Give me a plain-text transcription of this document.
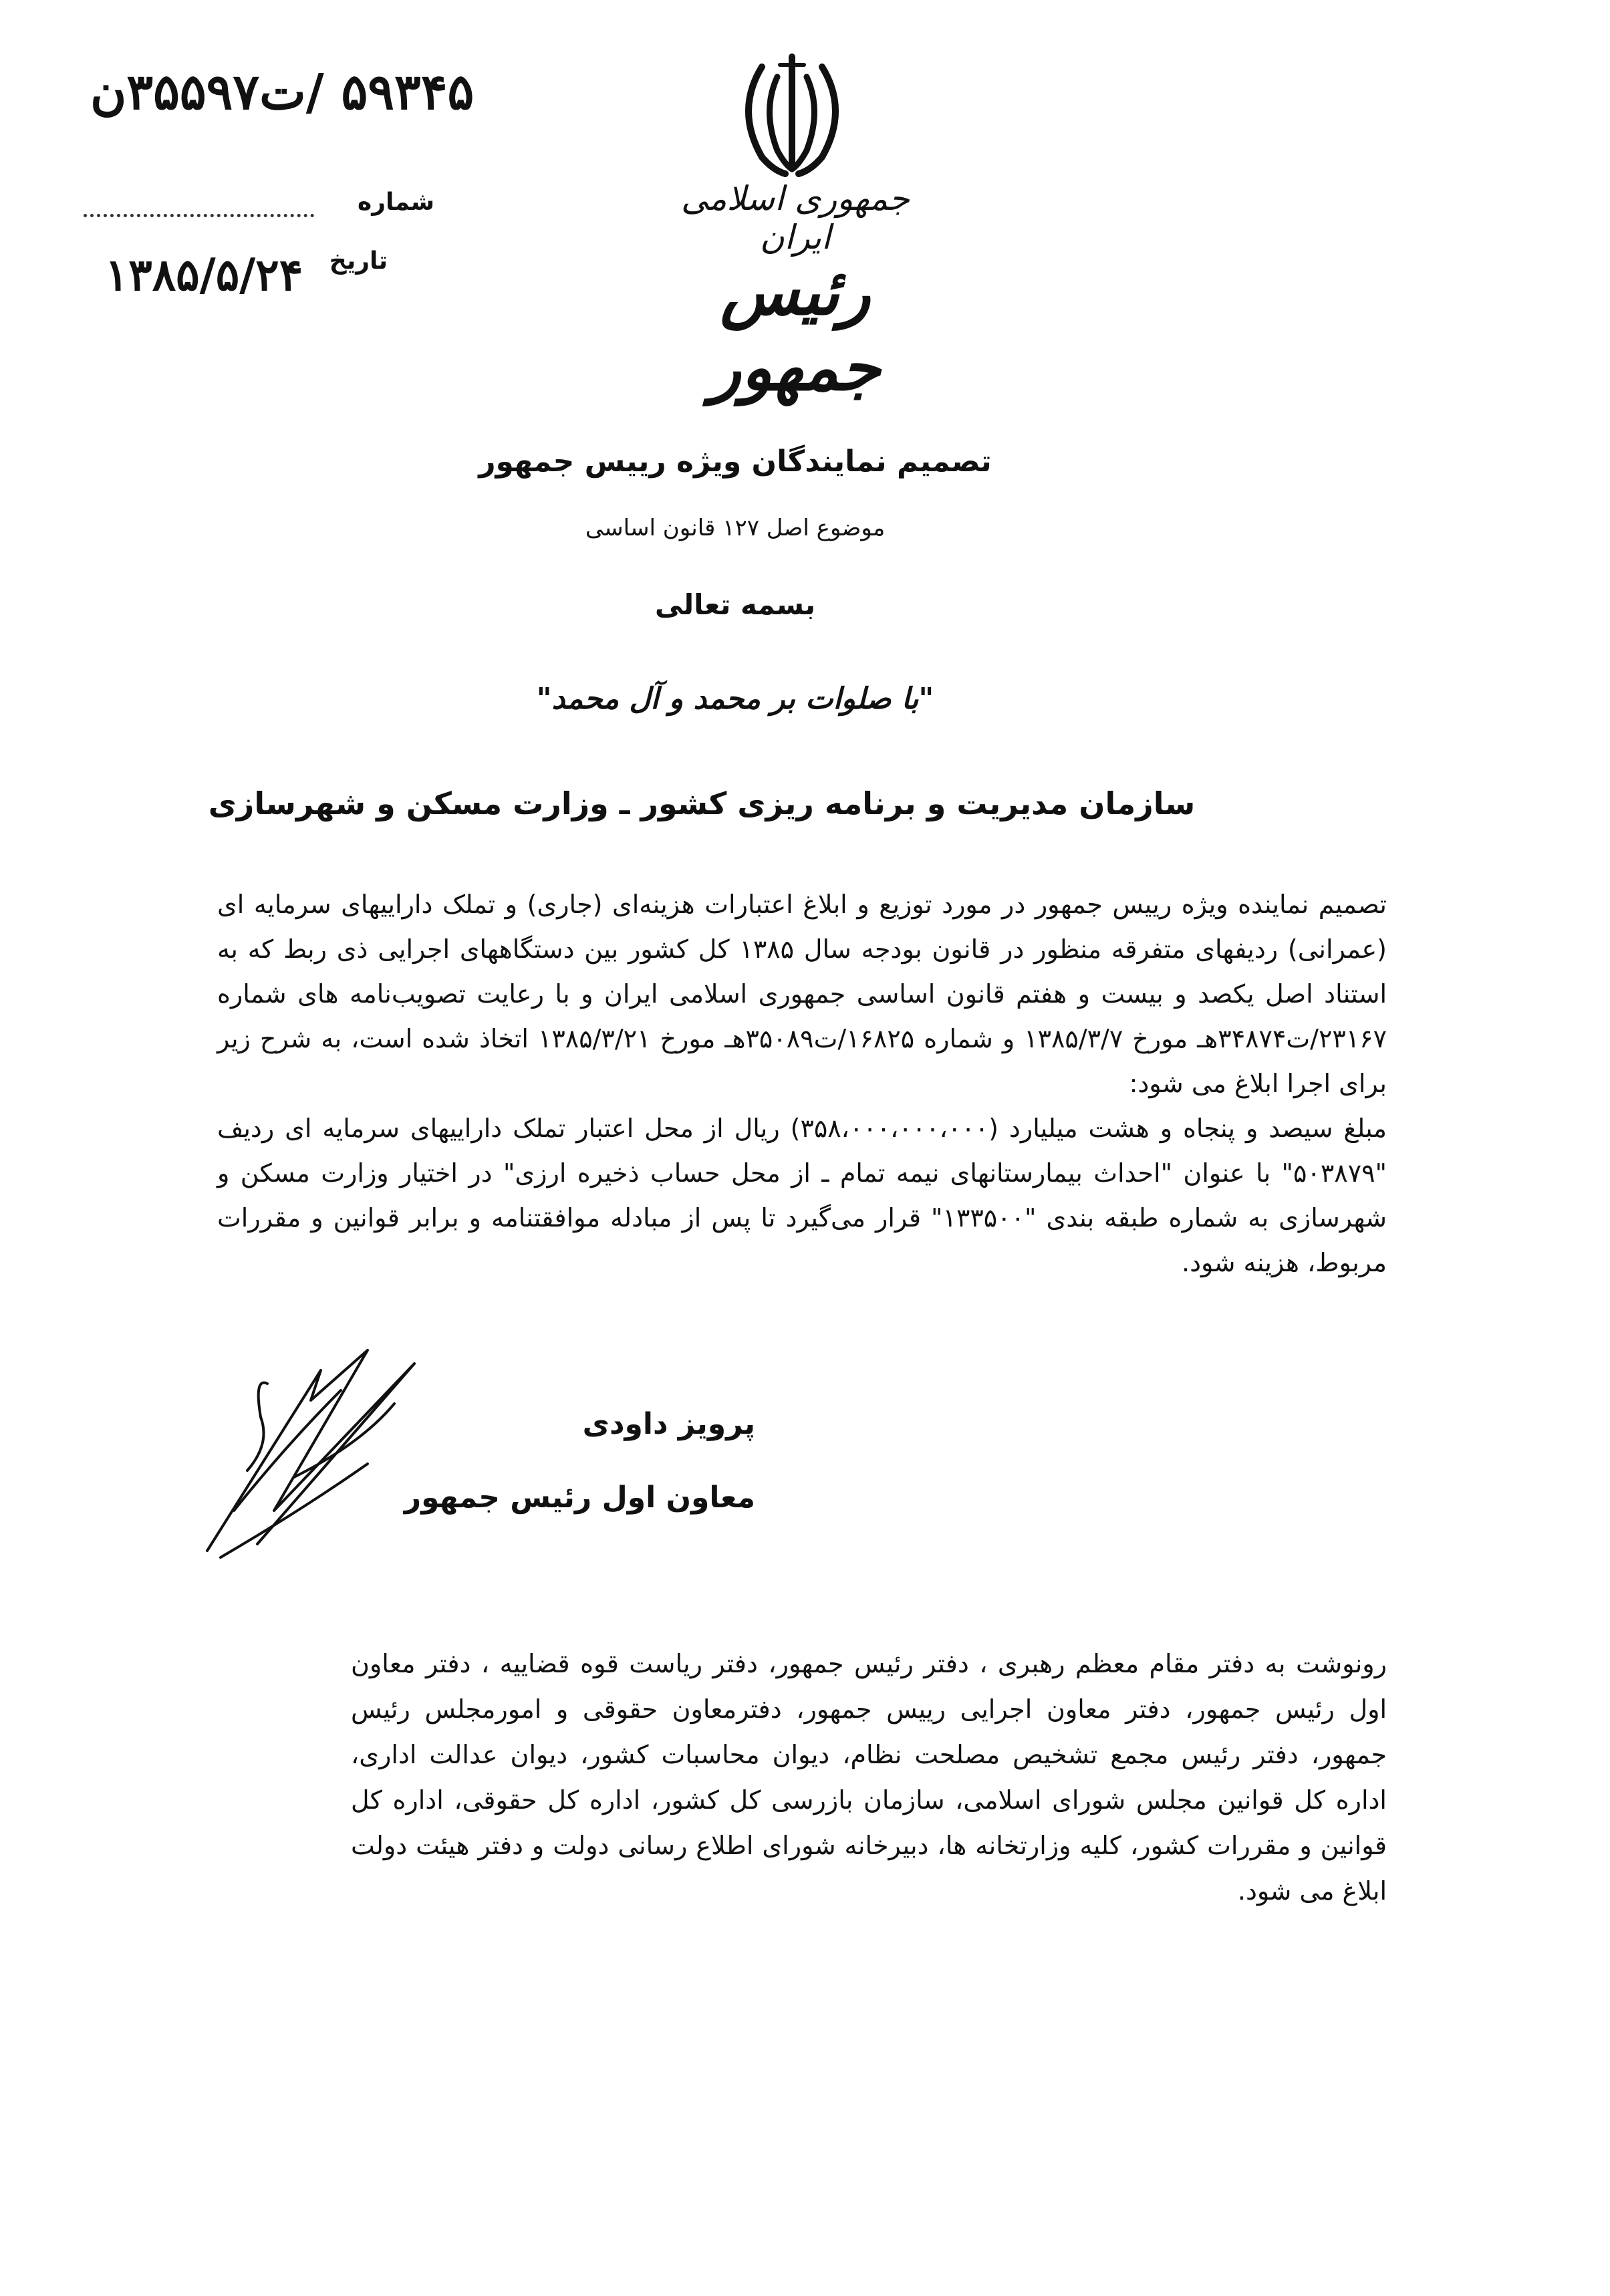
۵۹۳۴۵ /ت۳۵۵۹۷ن
شماره
تاریخ
۱۳۸۵/۵/۲۴
جمهوری اسلامی ایران
رئیس جمهور
تصمیم نمایندگان ویژه رییس جمهور
موضوع اصل ۱۲۷ قانون اساسی
بسمه تعالی
"با صلوات بر محمد و آل محمد"
سازمان مدیریت و برنامه ریزی کشور ـ وزارت مسکن و شهرسازی

تصمیم نماینده ویژه رییس جمهور در مورد توزیع و ابلاغ اعتبارات هزینه‌ای (جاری) و تملک داراییهای سرمایه ای (عمرانی) ردیفهای متفرقه منظور در قانون بودجه سال ۱۳۸۵ کل کشور بین دستگاههای اجرایی ذی ربط که به استناد اصل یکصد و بیست و هفتم قانون اساسی جمهوری اسلامی ایران و با رعایت تصویب‌نامه های شماره ۲۳۱۶۷/ت۳۴۸۷۴هـ مورخ ۱۳۸۵/۳/۷ و شماره ۱۶۸۲۵/ت۳۵۰۸۹هـ مورخ ۱۳۸۵/۳/۲۱ اتخاذ شده است، به شرح زیر برای اجرا ابلاغ می شود:

مبلغ سیصد و پنجاه و هشت میلیارد (۳۵۸،۰۰۰،۰۰۰،۰۰۰) ریال از محل اعتبار تملک داراییهای سرمایه ای ردیف "۵۰۳۸۷۹" با عنوان "احداث بیمارستانهای نیمه تمام ـ از محل حساب ذخیره ارزی" در اختیار وزارت مسکن و شهرسازی به شماره طبقه بندی "۱۳۳۵۰۰" قرار می‌گیرد تا پس از مبادله موافقتنامه و برابر قوانین و مقررات مربوط، هزینه شود.

پرویز داودی
معاون اول رئیس جمهور
رونوشت به دفتر مقام معظم رهبری ، دفتر رئیس جمهور، دفتر ریاست قوه قضاییه ، دفتر معاون اول رئیس جمهور، دفتر معاون اجرایی رییس جمهور، دفترمعاون حقوقی و امورمجلس رئیس جمهور، دفتر رئیس مجمع تشخیص مصلحت نظام، دیوان محاسبات کشور، دیوان عدالت اداری، اداره کل قوانین مجلس شورای اسلامی، سازمان بازرسی کل کشور، اداره کل حقوقی، اداره کل قوانین و مقررات کشور، کلیه وزارتخانه ها، دبیرخانه شورای اطلاع رسانی دولت و دفتر هیئت دولت ابلاغ می شود.
